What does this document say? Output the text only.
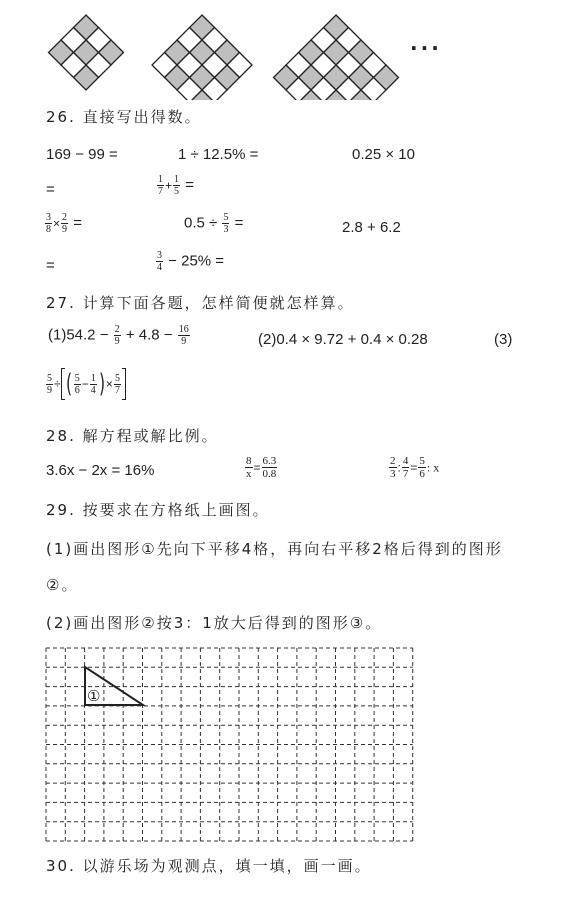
···
26. 直接写出得数。
169 − 99 =	1 ÷ 12.5% =	0.25 × 10
=	$\frac{1}{7} + \frac{1}{5}$ =
$\frac{3}{8} \times \frac{2}{9}$ =	$0.5 \div \frac{5}{3}$ =	2.8 + 6.2
=	$\frac{3}{4} - 25\%$ =
27. 计算下面各题，怎样简便就怎样算。
$(1)54.2 - \frac{2}{9} + 4.8 - \frac{16}{9}$	(2)0.4 × 9.72 + 0.4 × 0.28	(3)
$\frac{5}{9}$ ÷ ( $\frac{5}{6} - \frac{1}{4}$ )× $\frac{5}{7}$
28. 解方程或解比例。
3.6x − 2x = 16%	$\frac{8}{x} = \frac{6.3}{0.8}$	$\frac{2}{3}$ : $\frac{4}{7} = \frac{5}{6}$ : x
29. 按要求在方格纸上画图。
(1)画出图形①先向下平移4格，再向右平移2格后得到的图形
②。
(2)画出图形②按3：1放大后得到的图形③。
①
30. 以游乐场为观测点，填一填，画一画。
